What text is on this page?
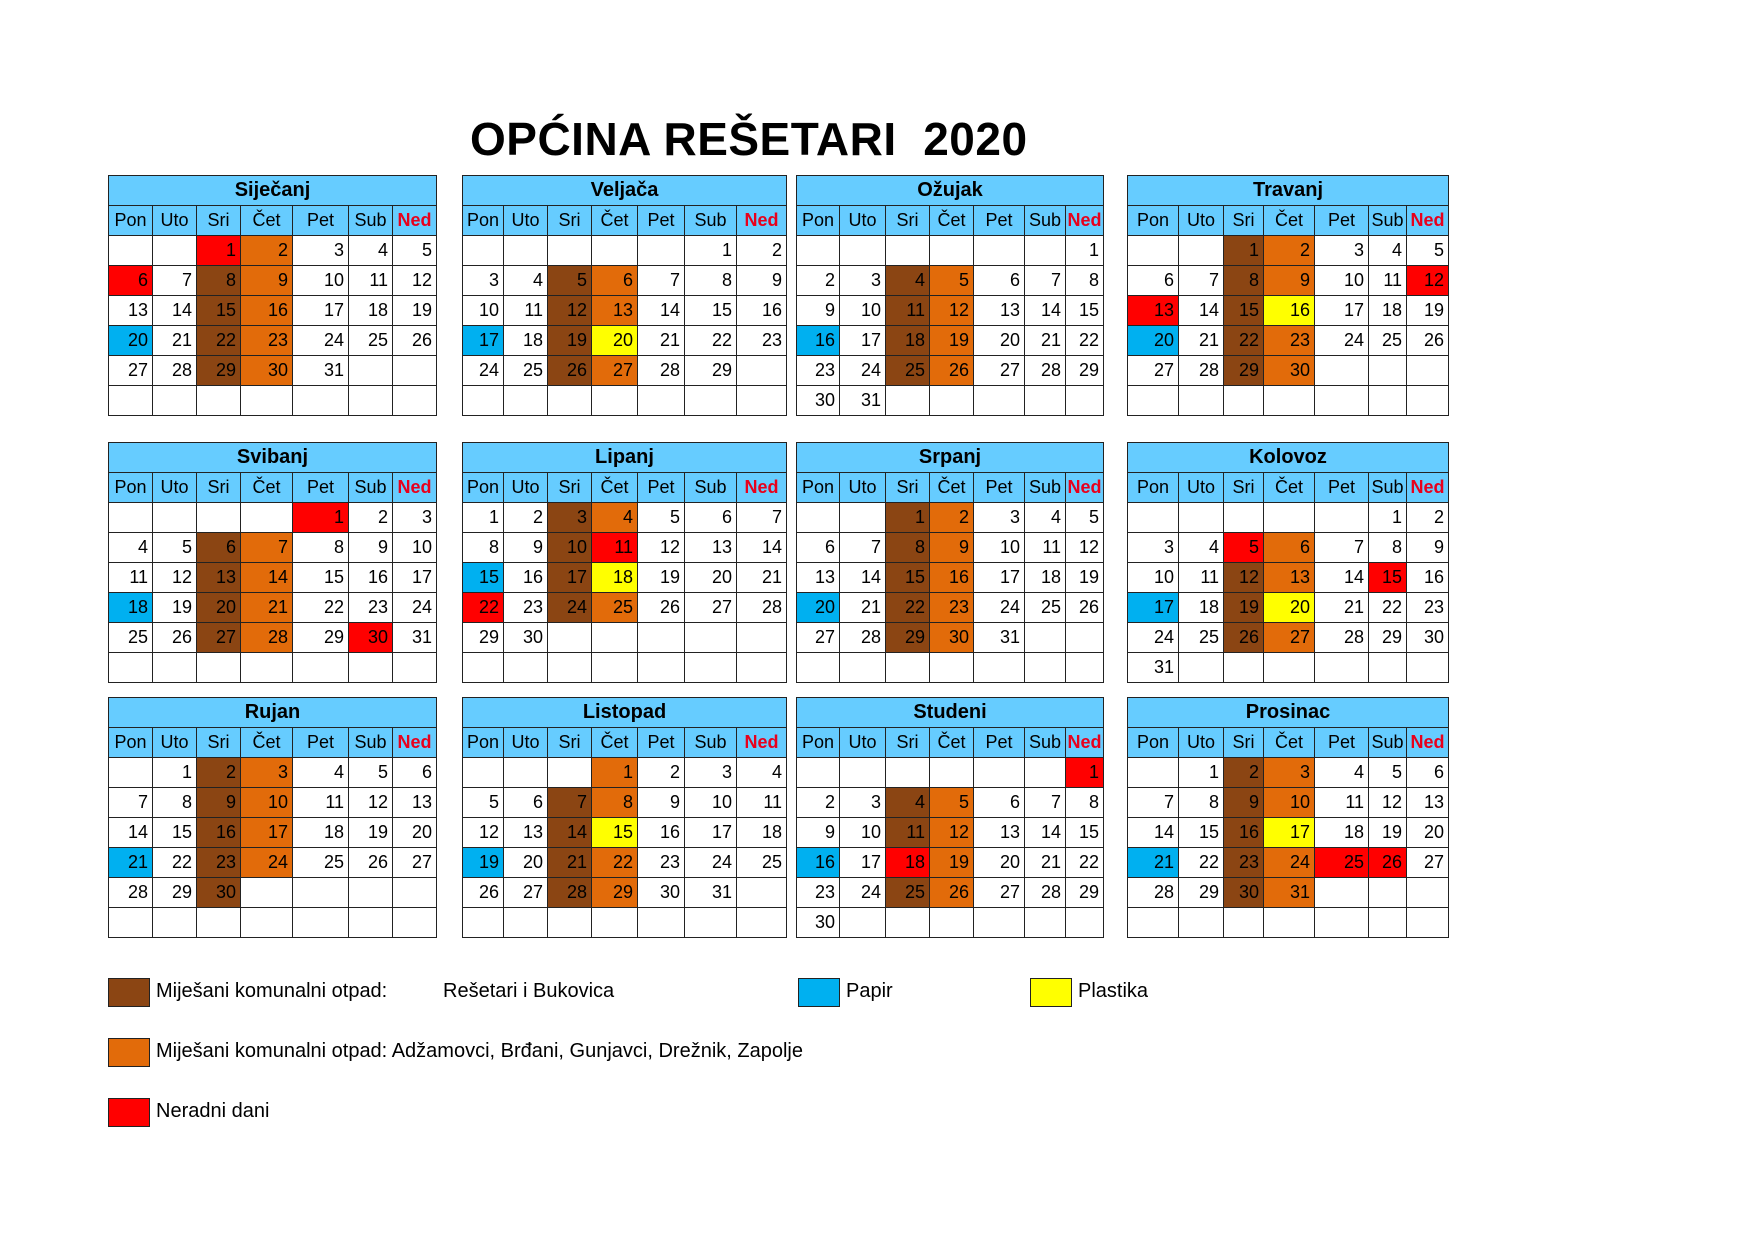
OPĆINA REŠETARI  2020
Siječanj						
Pon	Uto	Sri	Čet	Pet	Sub	Ned
		1	2	3	4	5
6	7	8	9	10	11	12
13	14	15	16	17	18	19
20	21	22	23	24	25	26
27	28	29	30	31		

Veljača						
Pon	Uto	Sri	Čet	Pet	Sub	Ned
					1	2
3	4	5	6	7	8	9
10	11	12	13	14	15	16
17	18	19	20	21	22	23
24	25	26	27	28	29	

Ožujak						
Pon	Uto	Sri	Čet	Pet	Sub	Ned
						1
2	3	4	5	6	7	8
9	10	11	12	13	14	15
16	17	18	19	20	21	22
23	24	25	26	27	28	29
30	31					
Travanj						
Pon	Uto	Sri	Čet	Pet	Sub	Ned
		1	2	3	4	5
6	7	8	9	10	11	12
13	14	15	16	17	18	19
20	21	22	23	24	25	26
27	28	29	30			

Svibanj						
Pon	Uto	Sri	Čet	Pet	Sub	Ned
				1	2	3
4	5	6	7	8	9	10
11	12	13	14	15	16	17
18	19	20	21	22	23	24
25	26	27	28	29	30	31

Lipanj						
Pon	Uto	Sri	Čet	Pet	Sub	Ned
1	2	3	4	5	6	7
8	9	10	11	12	13	14
15	16	17	18	19	20	21
22	23	24	25	26	27	28
29	30					

Srpanj						
Pon	Uto	Sri	Čet	Pet	Sub	Ned
		1	2	3	4	5
6	7	8	9	10	11	12
13	14	15	16	17	18	19
20	21	22	23	24	25	26
27	28	29	30	31		

Kolovoz						
Pon	Uto	Sri	Čet	Pet	Sub	Ned
					1	2
3	4	5	6	7	8	9
10	11	12	13	14	15	16
17	18	19	20	21	22	23
24	25	26	27	28	29	30
31						
Rujan						
Pon	Uto	Sri	Čet	Pet	Sub	Ned
	1	2	3	4	5	6
7	8	9	10	11	12	13
14	15	16	17	18	19	20
21	22	23	24	25	26	27
28	29	30				

Listopad						
Pon	Uto	Sri	Čet	Pet	Sub	Ned
			1	2	3	4
5	6	7	8	9	10	11
12	13	14	15	16	17	18
19	20	21	22	23	24	25
26	27	28	29	30	31	

Studeni						
Pon	Uto	Sri	Čet	Pet	Sub	Ned
						1
2	3	4	5	6	7	8
9	10	11	12	13	14	15
16	17	18	19	20	21	22
23	24	25	26	27	28	29
30						
Prosinac						
Pon	Uto	Sri	Čet	Pet	Sub	Ned
	1	2	3	4	5	6
7	8	9	10	11	12	13
14	15	16	17	18	19	20
21	22	23	24	25	26	27
28	29	30	31			

Miješani komunalni otpad:	Rešetari i Bukovica	Papir	Plastika
Miješani komunalni otpad: Adžamovci, Brđani, Gunjavci, Drežnik, Zapolje
Neradni dani
